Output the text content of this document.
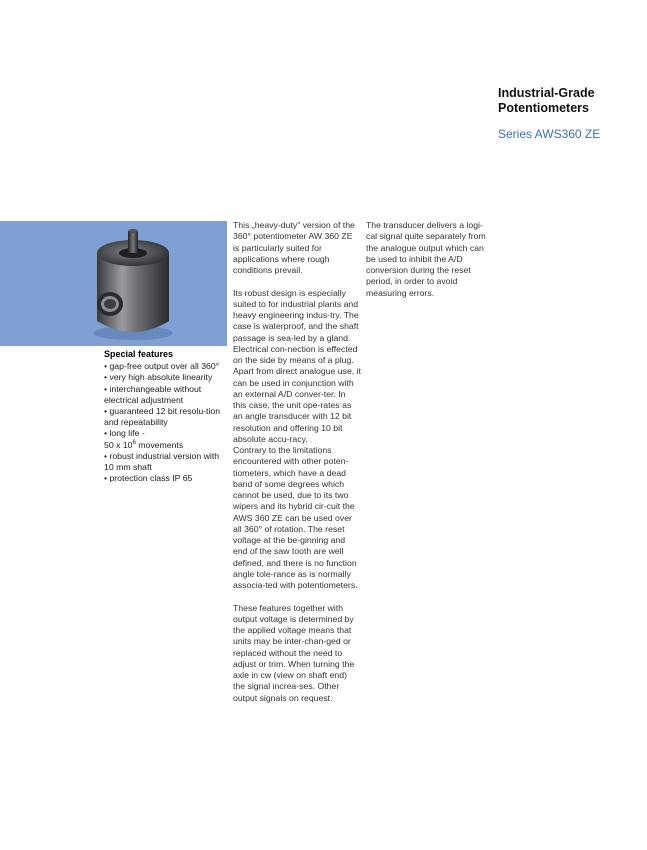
Industrial-Grade
Potentiometers

Series AWS360 ZE

Special features
• gap-free output over all 360°
• very high absolute linearity
• interchangeable without electrical adjustment
• guaranteed 12 bit resolu-tion and repeatability
• long life -
50 x $10^6$ movements
• robust industrial version with 10 mm shaft
• protection class IP 65

This „heavy-duty" version of the 360° potentiometer AW 360 ZE is particularly suited for applications where rough conditions prevail.

Its robust design is especially suited to for industrial plants and heavy engineering indus-try. The case is waterproof, and the shaft passage is sea-led by a gland. Electrical con-nection is effected on the side by means of a plug. Apart from direct analogue use, it can be used in conjunction with an external A/D conver-ter. In this case, the unit ope-rates as an angle transducer with 12 bit resolution and offering 10 bit absolute accu-racy.

Contrary to the limitations encountered with other poten-tiometers, which have a dead band of some degrees which cannot be used, due to its two wipers and its hybrid cir-cuit the AWS 360 ZE can be used over all 360° of rotation. The reset voltage at the be-ginning and end of the saw tooth are well defined, and there is no function angle tole-rance as is normally associa-ted with potentiometers.

These features together with output voltage is determined by the applied voltage means that units may be inter-chan-ged or replaced without the need to adjust or trim. When turning the axle in cw (view on shaft end) the signal increa-ses. Other output signals on request.

The transducer delivers a logi-cal signal quite separately from the analogue output which can be used to inhibit the A/D conversion during the reset period, in order to avoid measuring errors.
